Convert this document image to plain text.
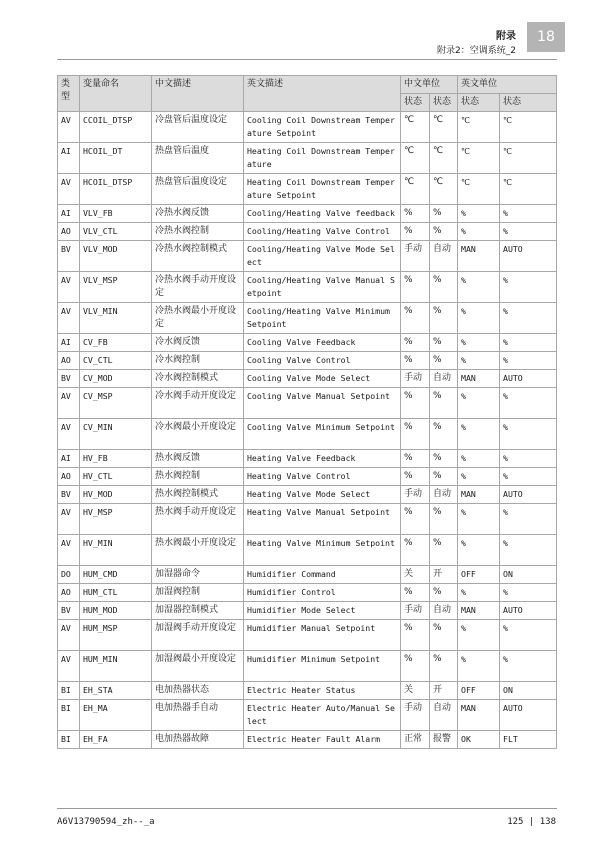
附录
附录2：空调系统_2
18
类型	变量命名	中文描述	英文描述	中文单位		英文单位	
				状态	状态	状态	状态
AV	CCOIL_DTSP	冷盘管后温度设定	Cooling Coil Downstream Temperature Setpoint	℃	℃	℃	℃
AI	HCOIL_DT	热盘管后温度	Heating Coil Downstream Temperature	℃	℃	℃	℃
AV	HCOIL_DTSP	热盘管后温度设定	Heating Coil Downstream Temperature Setpoint	℃	℃	℃	℃
AI	VLV_FB	冷热水阀反馈	Cooling/Heating Valve feedback	%	%	%	%
AO	VLV_CTL	冷热水阀控制	Cooling/Heating Valve Control	%	%	%	%
BV	VLV_MOD	冷热水阀控制模式	Cooling/Heating Valve Mode Select	手动	自动	MAN	AUTO
AV	VLV_MSP	冷热水阀手动开度设定	Cooling/Heating Valve Manual Setpoint	%	%	%	%
AV	VLV_MIN	冷热水阀最小开度设定	Cooling/Heating Valve Minimum Setpoint	%	%	%	%
AI	CV_FB	冷水阀反馈	Cooling Valve Feedback	%	%	%	%
AO	CV_CTL	冷水阀控制	Cooling Valve Control	%	%	%	%
BV	CV_MOD	冷水阀控制模式	Cooling Valve Mode Select	手动	自动	MAN	AUTO
AV	CV_MSP	冷水阀手动开度设定	Cooling Valve Manual Setpoint	%	%	%	%
AV	CV_MIN	冷水阀最小开度设定	Cooling Valve Minimum Setpoint	%	%	%	%
AI	HV_FB	热水阀反馈	Heating Valve Feedback	%	%	%	%
AO	HV_CTL	热水阀控制	Heating Valve Control	%	%	%	%
BV	HV_MOD	热水阀控制模式	Heating Valve Mode Select	手动	自动	MAN	AUTO
AV	HV_MSP	热水阀手动开度设定	Heating Valve Manual Setpoint	%	%	%	%
AV	HV_MIN	热水阀最小开度设定	Heating Valve Minimum Setpoint	%	%	%	%
DO	HUM_CMD	加湿器命令	Humidifier Command	关	开	OFF	ON
AO	HUM_CTL	加湿阀控制	Humidifier Control	%	%	%	%
BV	HUM_MOD	加湿器控制模式	Humidifier Mode Select	手动	自动	MAN	AUTO
AV	HUM_MSP	加湿阀手动开度设定	Humidifier Manual Setpoint	%	%	%	%
AV	HUM_MIN	加湿阀最小开度设定	Humidifier Minimum Setpoint	%	%	%	%
BI	EH_STA	电加热器状态	Electric Heater Status	关	开	OFF	ON
BI	EH_MA	电加热器手自动	Electric Heater Auto/Manual Select	手动	自动	MAN	AUTO
BI	EH_FA	电加热器故障	Electric Heater Fault Alarm	正常	报警	OK	FLT
A6V13790594_zh--_a	125 | 138
